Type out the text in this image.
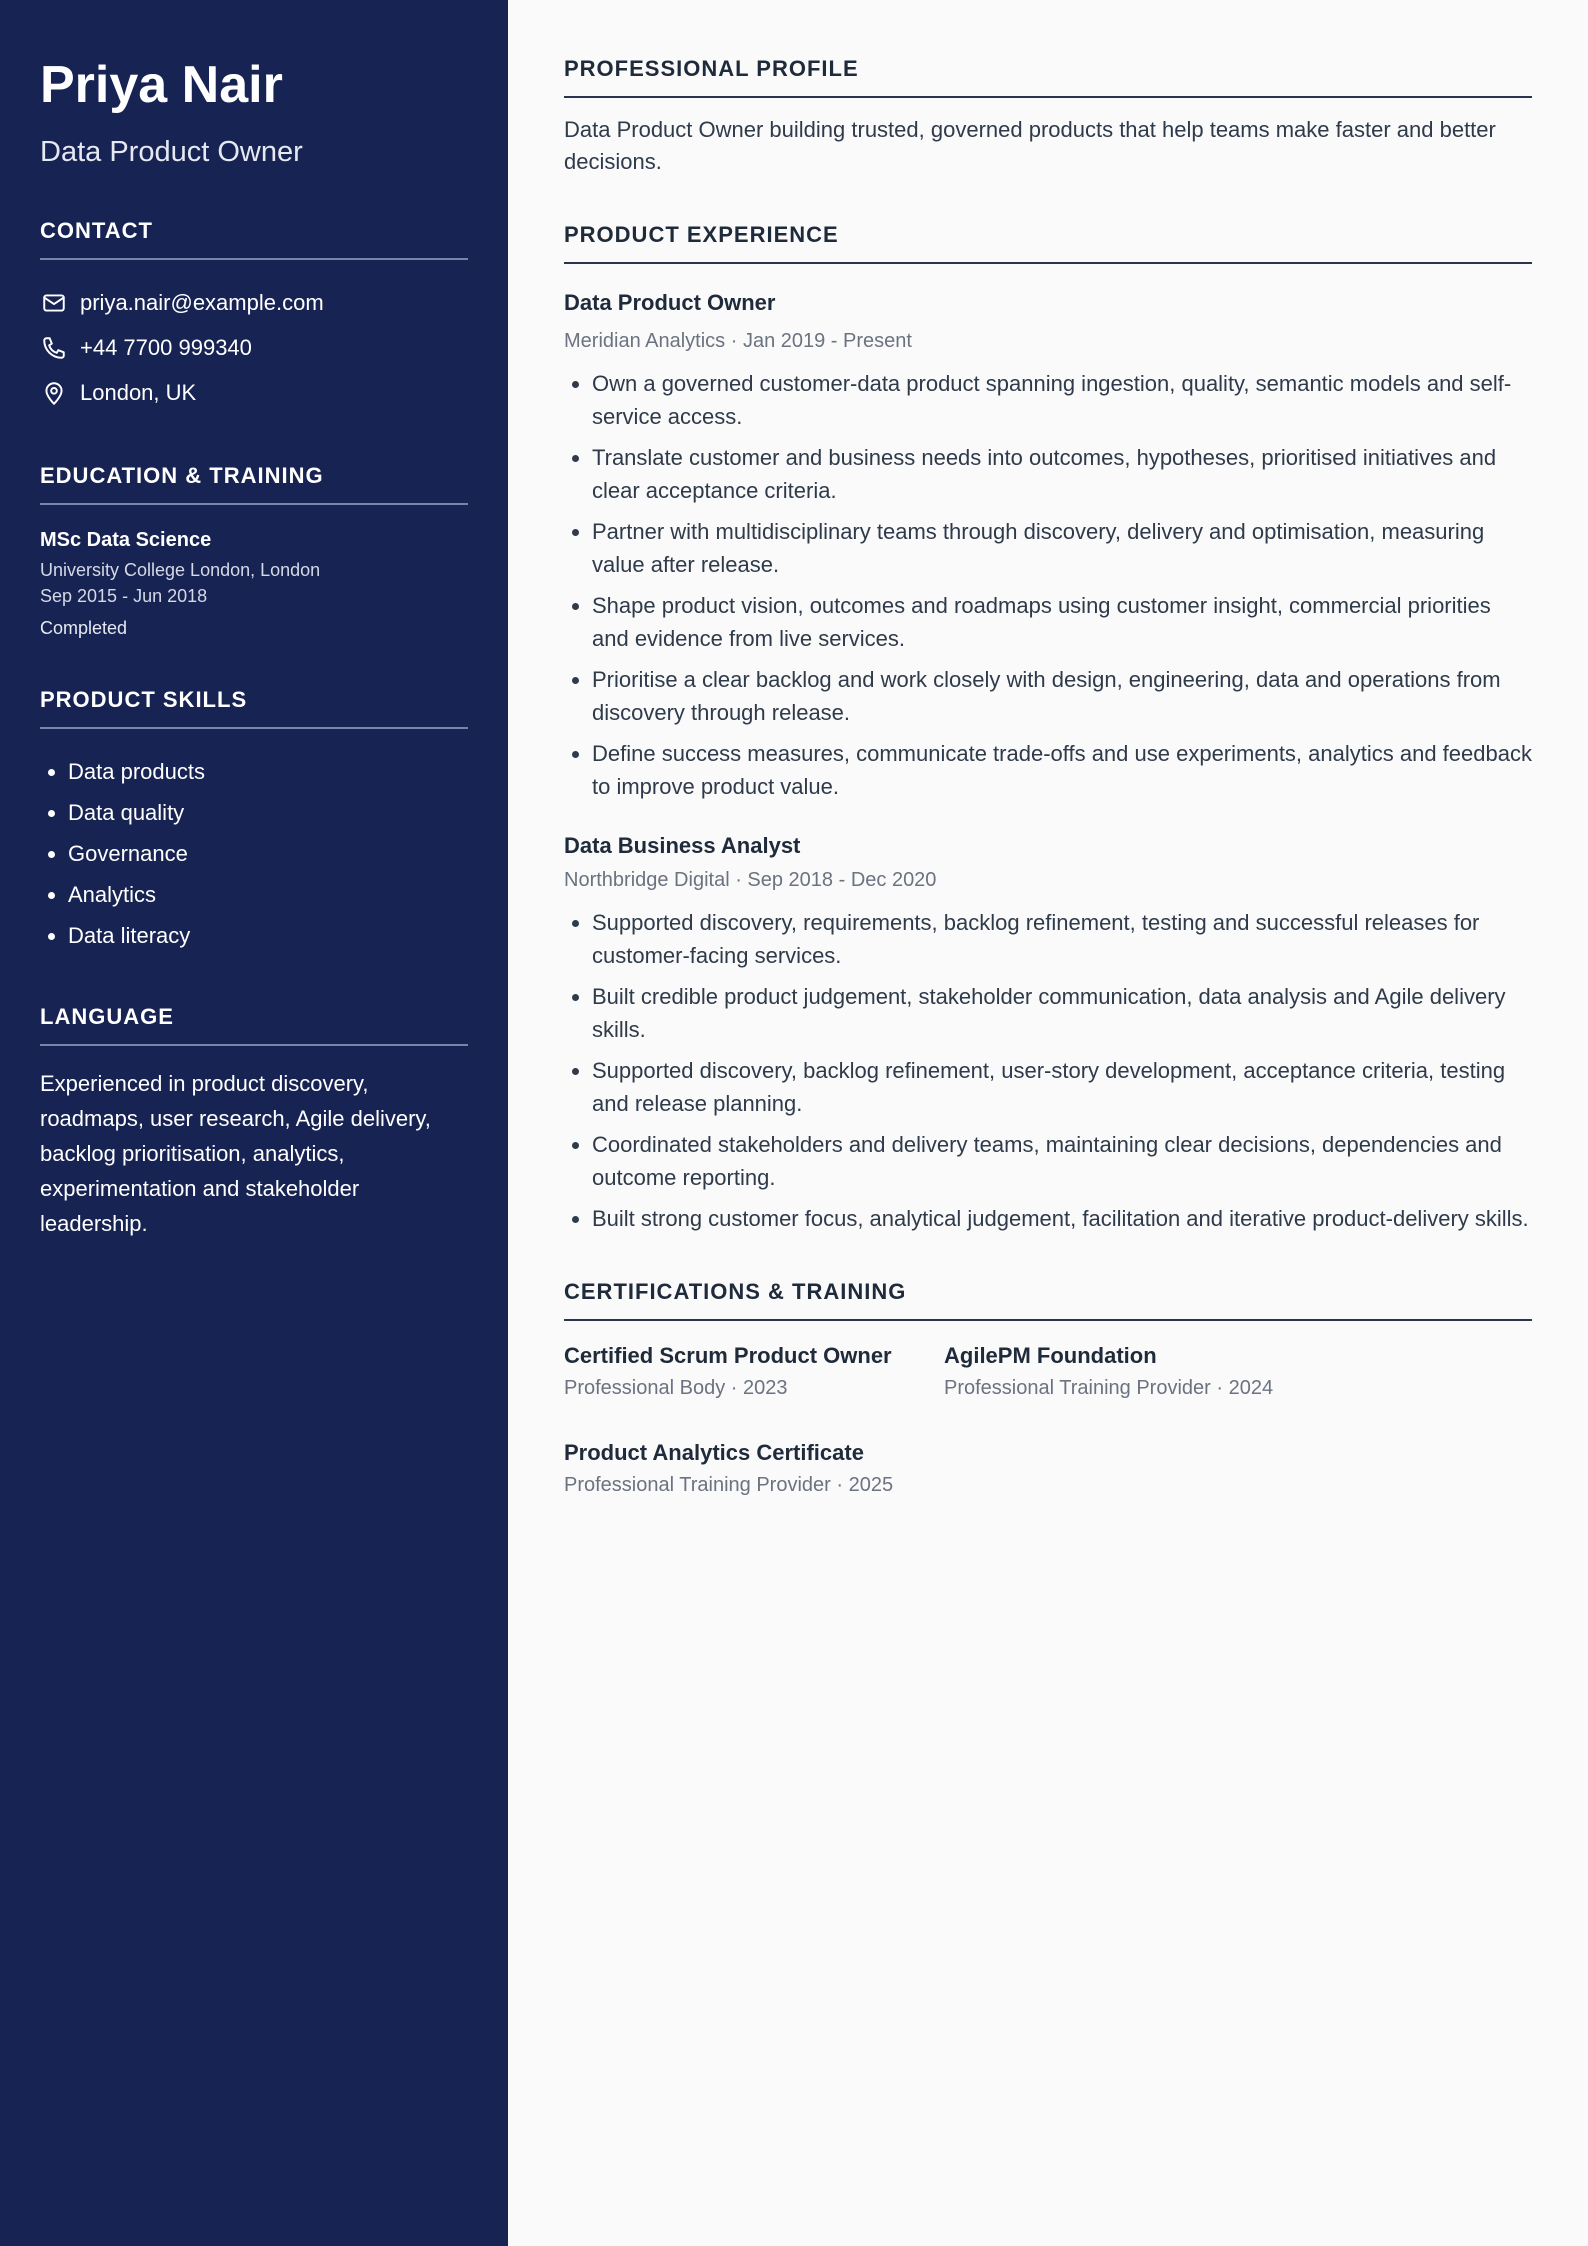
Priya Nair
Data Product Owner
CONTACT
priya.nair@example.com
+44 7700 999340
London, UK
EDUCATION & TRAINING
MSc Data Science
University College London, London
Sep 2015 - Jun 2018
Completed
PRODUCT SKILLS
• Data products
• Data quality
• Governance
• Analytics
• Data literacy
LANGUAGE
Experienced in product discovery, roadmaps, user research, Agile delivery, backlog prioritisation, analytics, experimentation and stakeholder leadership.
PROFESSIONAL PROFILE
Data Product Owner building trusted, governed products that help teams make faster and better decisions.
PRODUCT EXPERIENCE
Data Product Owner
Meridian Analytics · Jan 2019 - Present
• Own a governed customer-data product spanning ingestion, quality, semantic models and self-service access.
• Translate customer and business needs into outcomes, hypotheses, prioritised initiatives and clear acceptance criteria.
• Partner with multidisciplinary teams through discovery, delivery and optimisation, measuring value after release.
• Shape product vision, outcomes and roadmaps using customer insight, commercial priorities and evidence from live services.
• Prioritise a clear backlog and work closely with design, engineering, data and operations from discovery through release.
• Define success measures, communicate trade-offs and use experiments, analytics and feedback to improve product value.
Data Business Analyst
Northbridge Digital · Sep 2018 - Dec 2020
• Supported discovery, requirements, backlog refinement, testing and successful releases for customer-facing services.
• Built credible product judgement, stakeholder communication, data analysis and Agile delivery skills.
• Supported discovery, backlog refinement, user-story development, acceptance criteria, testing and release planning.
• Coordinated stakeholders and delivery teams, maintaining clear decisions, dependencies and outcome reporting.
• Built strong customer focus, analytical judgement, facilitation and iterative product-delivery skills.
CERTIFICATIONS & TRAINING
Certified Scrum Product Owner
Professional Body · 2023
AgilePM Foundation
Professional Training Provider · 2024
Product Analytics Certificate
Professional Training Provider · 2025
